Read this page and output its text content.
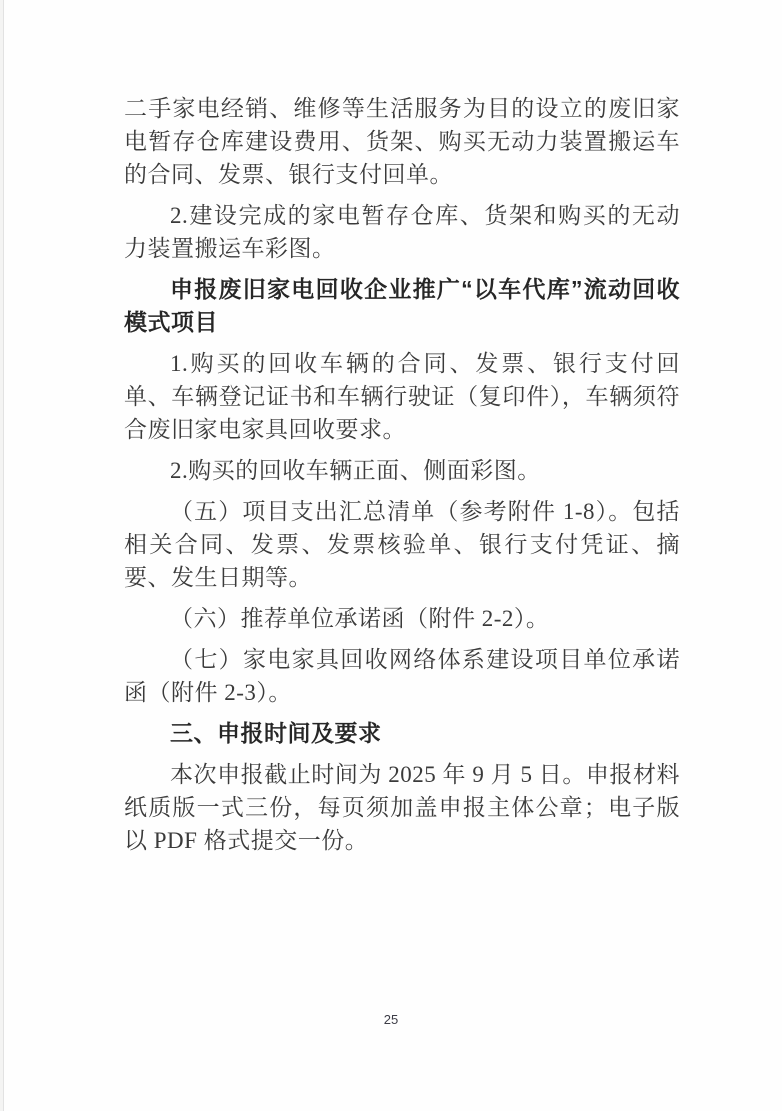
二手家电经销、维修等生活服务为目的设立的废旧家电暂存仓库建设费用、货架、购买无动力装置搬运车的合同、发票、银行支付回单。

2.建设完成的家电暂存仓库、货架和购买的无动力装置搬运车彩图。

申报废旧家电回收企业推广“以车代库”流动回收模式项目

1.购买的回收车辆的合同、发票、银行支付回单、车辆登记证书和车辆行驶证（复印件），车辆须符合废旧家电家具回收要求。

2.购买的回收车辆正面、侧面彩图。

（五）项目支出汇总清单（参考附件 1-8）。包括相关合同、发票、发票核验单、银行支付凭证、摘要、发生日期等。

（六）推荐单位承诺函（附件 2-2）。

（七）家电家具回收网络体系建设项目单位承诺函（附件 2-3）。

三、申报时间及要求

本次申报截止时间为 2025 年 9 月 5 日。申报材料纸质版一式三份，每页须加盖申报主体公章；电子版以 PDF 格式提交一份。

25
